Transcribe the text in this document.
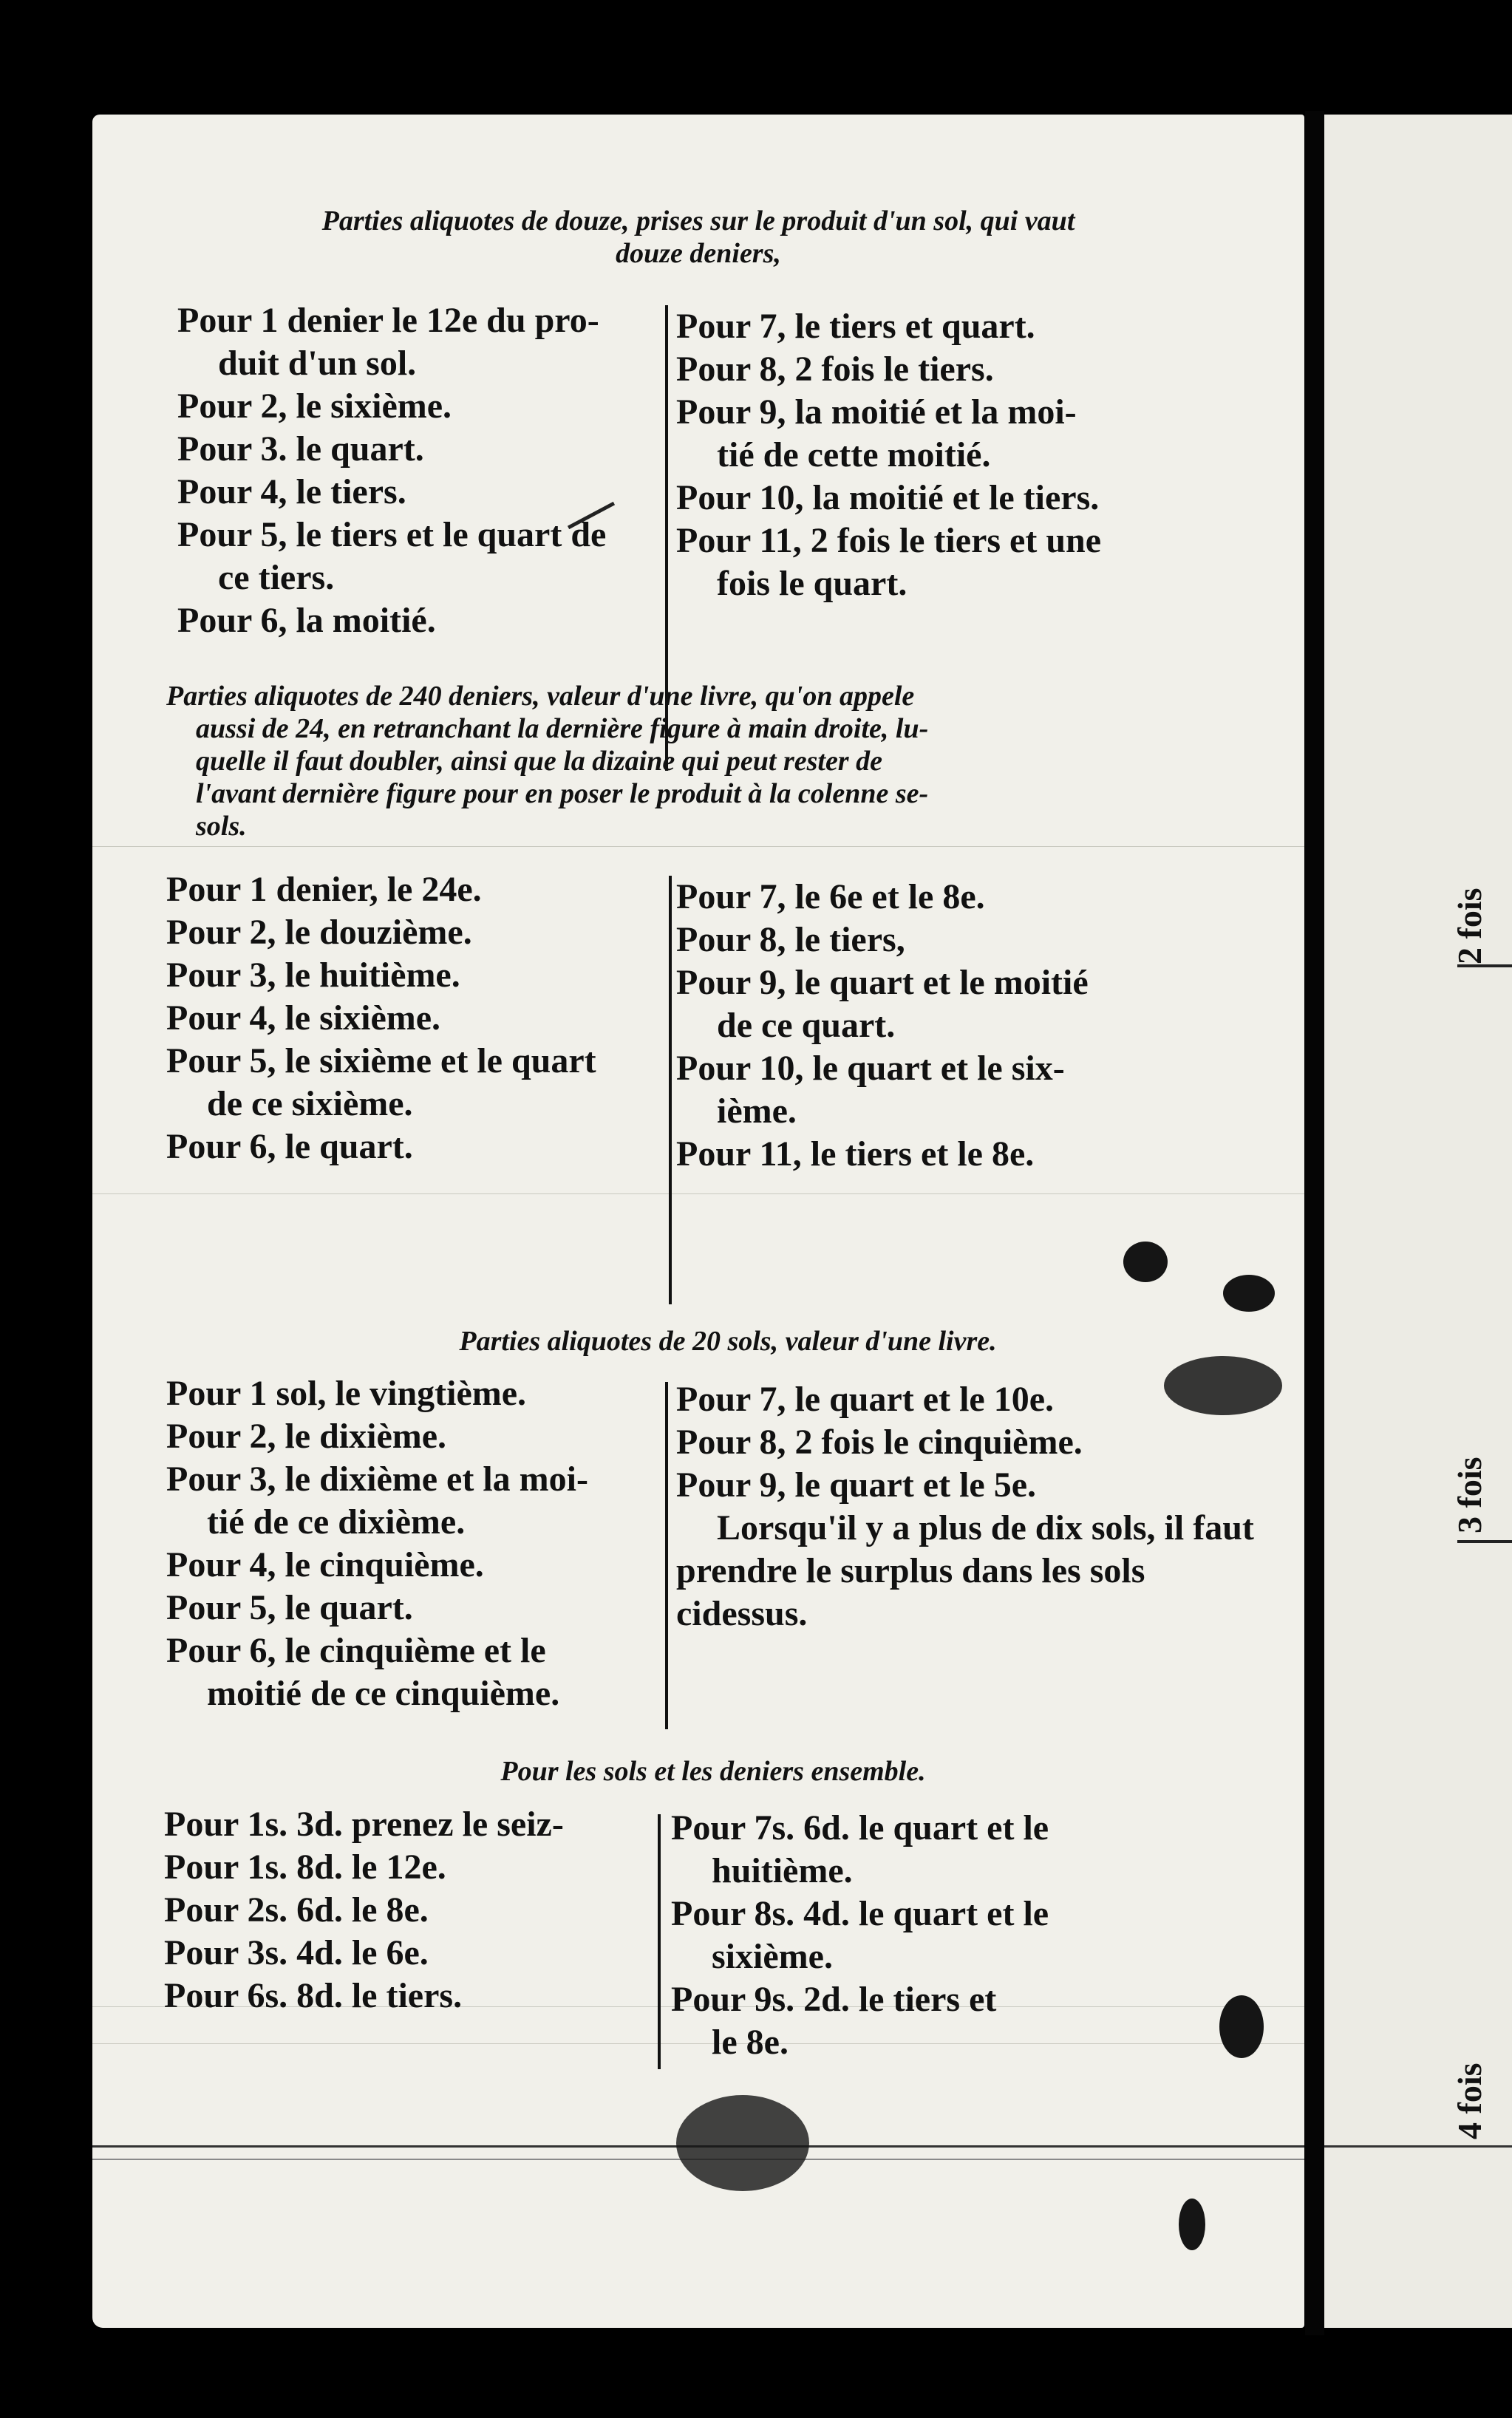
Parties aliquotes de douze, prises sur le produit d'un sol, qui vaut
douze deniers,
Pour 1 denier le 12e du pro-
duit d'un sol.
Pour 2, le sixième.
Pour 3. le quart.
Pour 4, le tiers.
Pour 5, le tiers et le quart de
ce tiers.
Pour 6, la moitié.
Pour 7, le tiers et quart.
Pour 8, 2 fois le tiers.
Pour 9, la moitié et la moi-
tié de cette moitié.
Pour 10, la moitié et le tiers.
Pour 11, 2 fois le tiers et une
fois le quart.
Parties aliquotes de 240 deniers, valeur d'une livre, qu'on appele
aussi de 24, en retranchant la dernière figure à main droite, lu-
quelle il faut doubler, ainsi que la dizaine qui peut rester de
l'avant dernière figure pour en poser le produit à la colenne se-
sols.
Pour 1 denier, le 24e.
Pour 2, le douzième.
Pour 3, le huitième.
Pour 4, le sixième.
Pour 5, le sixième et le quart
de ce sixième.
Pour 6, le quart.
Pour 7, le 6e et le 8e.
Pour 8, le tiers,
Pour 9, le quart et le moitié
de ce quart.
Pour 10, le quart et le six-
ième.
Pour 11, le tiers et le 8e.
Parties aliquotes de 20 sols, valeur d'une livre.
Pour 1 sol, le vingtième.
Pour 2, le dixième.
Pour 3, le dixième et la moi-
tié de ce dixième.
Pour 4, le cinquième.
Pour 5, le quart.
Pour 6, le cinquième et le
moitié de ce cinquième.
Pour 7, le quart et le 10e.
Pour 8, 2 fois le cinquième.
Pour 9, le quart et le 5e.
Lorsqu'il y a plus de dix sols, il faut prendre le surplus dans les sols cidessus.
Pour les sols et les deniers ensemble.
Pour 1s. 3d. prenez le seiz-
Pour 1s. 8d. le 12e.
Pour 2s. 6d. le 8e.
Pour 3s. 4d. le 6e.
Pour 6s. 8d. le tiers.
Pour 7s. 6d. le quart et le
huitième.
Pour 8s. 4d. le quart et le
sixième.
Pour 9s. 2d. le tiers et
le 8e.
2 fois
3 fois
4 fois
